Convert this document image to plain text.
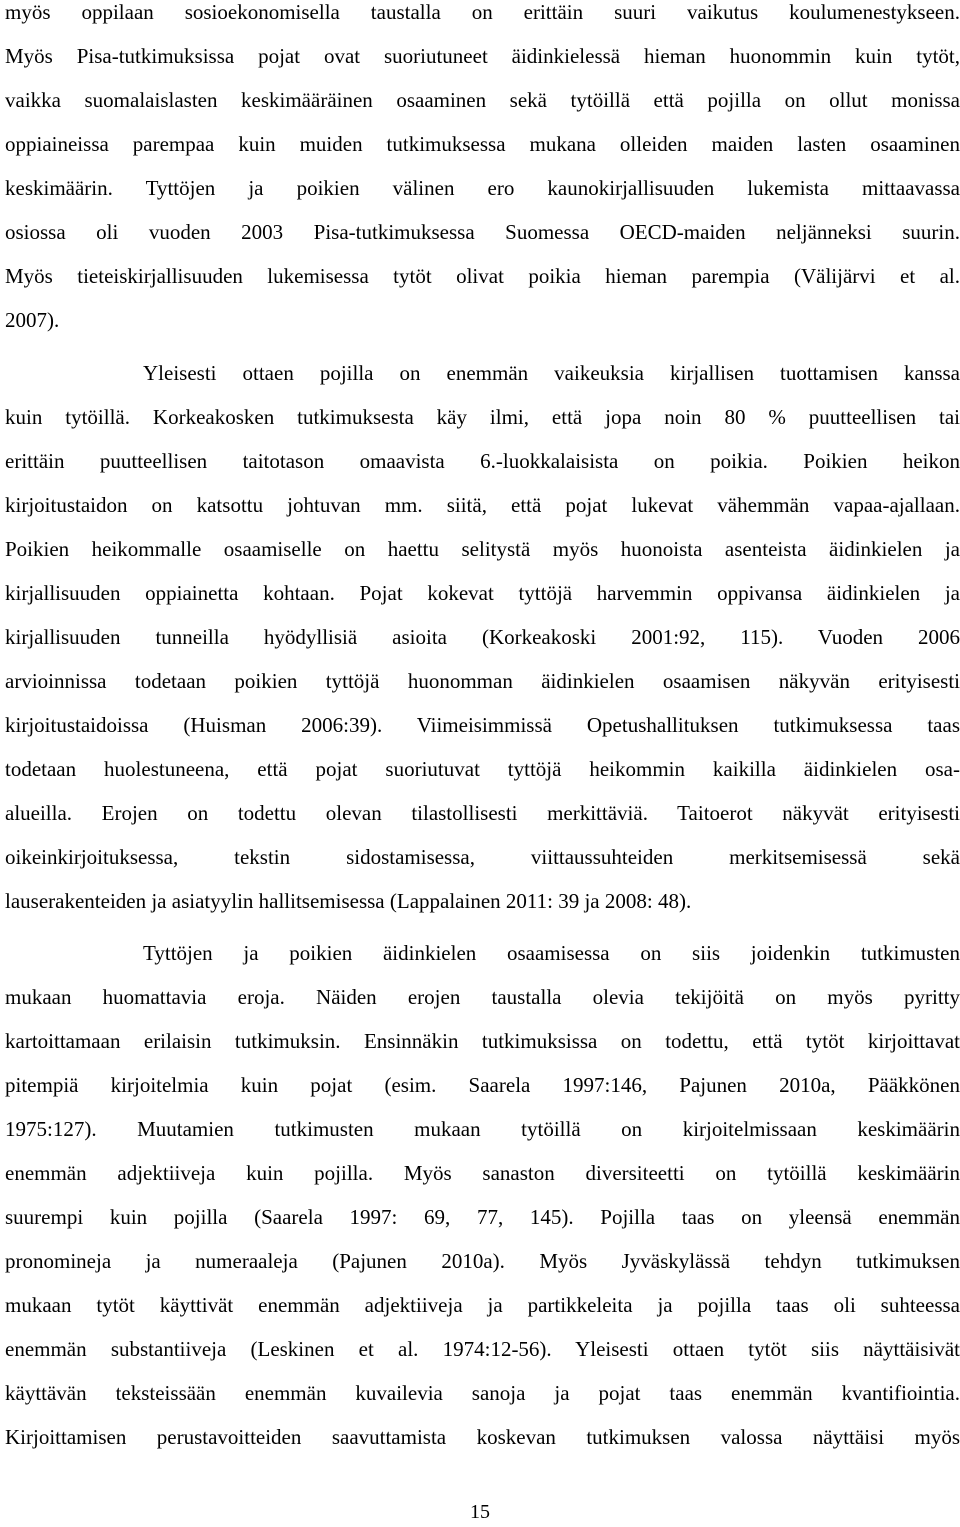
myös oppilaan sosioekonomisella taustalla on erittäin suuri vaikutus koulumenestykseen.
Myös Pisa-tutkimuksissa pojat ovat suoriutuneet äidinkielessä hieman huonommin kuin tytöt,
vaikka suomalaislasten keskimääräinen osaaminen sekä tytöillä että pojilla on ollut monissa
oppiaineissa parempaa kuin muiden tutkimuksessa mukana olleiden maiden lasten osaaminen
keskimäärin. Tyttöjen ja poikien välinen ero kaunokirjallisuuden lukemista mittaavassa
osiossa oli vuoden 2003 Pisa-tutkimuksessa Suomessa OECD-maiden neljänneksi suurin.
Myös tieteiskirjallisuuden lukemisessa tytöt olivat poikia hieman parempia (Välijärvi et al.
2007).
Yleisesti ottaen pojilla on enemmän vaikeuksia kirjallisen tuottamisen kanssa
kuin tytöillä. Korkeakosken tutkimuksesta käy ilmi, että jopa noin 80 % puutteellisen tai
erittäin puutteellisen taitotason omaavista 6.-luokkalaisista on poikia. Poikien heikon
kirjoitustaidon on katsottu johtuvan mm. siitä, että pojat lukevat vähemmän vapaa-ajallaan.
Poikien heikommalle osaamiselle on haettu selitystä myös huonoista asenteista äidinkielen ja
kirjallisuuden oppiainetta kohtaan. Pojat kokevat tyttöjä harvemmin oppivansa äidinkielen ja
kirjallisuuden tunneilla hyödyllisiä asioita (Korkeakoski 2001:92, 115). Vuoden 2006
arvioinnissa todetaan poikien tyttöjä huonomman äidinkielen osaamisen näkyvän erityisesti
kirjoitustaidoissa (Huisman 2006:39). Viimeisimmissä Opetushallituksen tutkimuksessa taas
todetaan huolestuneena, että pojat suoriutuvat tyttöjä heikommin kaikilla äidinkielen osa-
alueilla. Erojen on todettu olevan tilastollisesti merkittäviä. Taitoerot näkyvät erityisesti
oikeinkirjoituksessa, tekstin sidostamisessa, viittaussuhteiden merkitsemisessä sekä
lauserakenteiden ja asiatyylin hallitsemisessa (Lappalainen 2011: 39 ja 2008: 48).
Tyttöjen ja poikien äidinkielen osaamisessa on siis joidenkin tutkimusten
mukaan huomattavia eroja. Näiden erojen taustalla olevia tekijöitä on myös pyritty
kartoittamaan erilaisin tutkimuksin. Ensinnäkin tutkimuksissa on todettu, että tytöt kirjoittavat
pitempiä kirjoitelmia kuin pojat (esim. Saarela 1997:146, Pajunen 2010a, Pääkkönen
1975:127). Muutamien tutkimusten mukaan tytöillä on kirjoitelmissaan keskimäärin
enemmän adjektiiveja kuin pojilla. Myös sanaston diversiteetti on tytöillä keskimäärin
suurempi kuin pojilla (Saarela 1997: 69, 77, 145). Pojilla taas on yleensä enemmän
pronomineja ja numeraaleja (Pajunen 2010a). Myös Jyväskylässä tehdyn tutkimuksen
mukaan tytöt käyttivät enemmän adjektiiveja ja partikkeleita ja pojilla taas oli suhteessa
enemmän substantiiveja (Leskinen et al. 1974:12-56). Yleisesti ottaen tytöt siis näyttäisivät
käyttävän teksteissään enemmän kuvailevia sanoja ja pojat taas enemmän kvantifiointia.
Kirjoittamisen perustavoitteiden saavuttamista koskevan tutkimuksen valossa näyttäisi myös
15
